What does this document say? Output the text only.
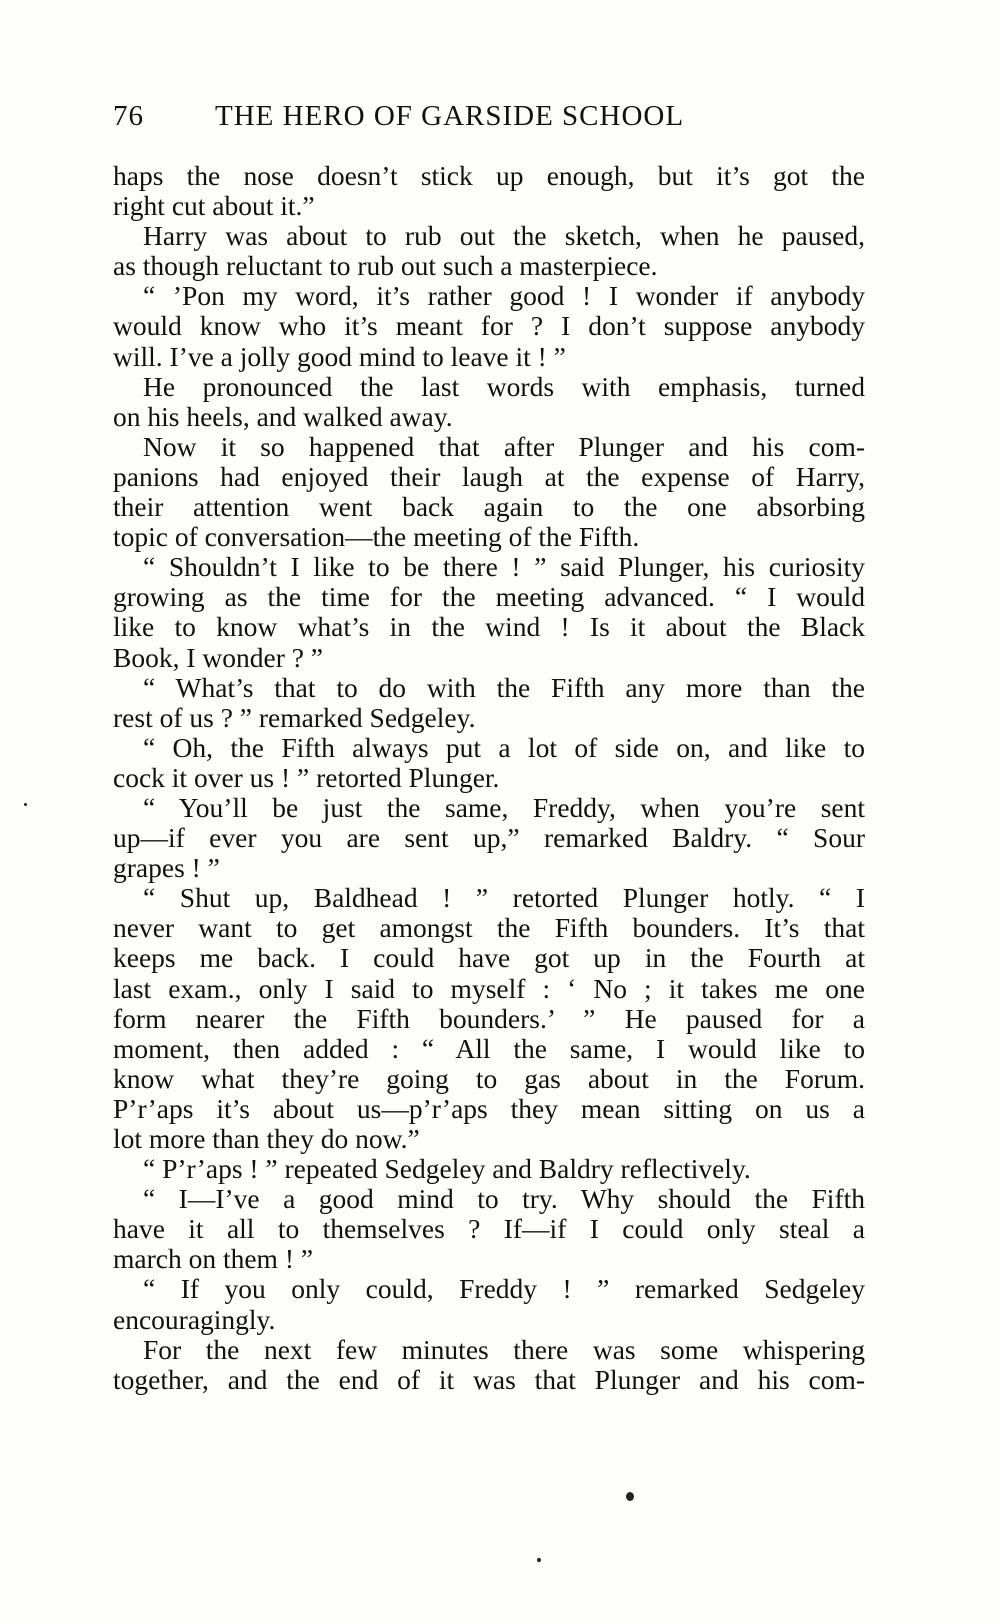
76 THE HERO OF GARSIDE SCHOOL
haps the nose doesn’t stick up enough, but it’s got the
right cut about it.”
Harry was about to rub out the sketch, when he paused,
as though reluctant to rub out such a masterpiece.
“ ’Pon my word, it’s rather good ! I wonder if anybody
would know who it’s meant for ? I don’t suppose anybody
will. I’ve a jolly good mind to leave it ! ”
He pronounced the last words with emphasis, turned
on his heels, and walked away.
Now it so happened that after Plunger and his com-
panions had enjoyed their laugh at the expense of Harry,
their attention went back again to the one absorbing
topic of conversation—the meeting of the Fifth.
“ Shouldn’t I like to be there ! ” said Plunger, his curiosity
growing as the time for the meeting advanced. “ I would
like to know what’s in the wind ! Is it about the Black
Book, I wonder ? ”
“ What’s that to do with the Fifth any more than the
rest of us ? ” remarked Sedgeley.
“ Oh, the Fifth always put a lot of side on, and like to
cock it over us ! ” retorted Plunger.
“ You’ll be just the same, Freddy, when you’re sent
up—if ever you are sent up,” remarked Baldry. “ Sour
grapes ! ”
“ Shut up, Baldhead ! ” retorted Plunger hotly. “ I
never want to get amongst the Fifth bounders. It’s that
keeps me back. I could have got up in the Fourth at
last exam., only I said to myself : ‘ No ; it takes me one
form nearer the Fifth bounders.’ ” He paused for a
moment, then added : “ All the same, I would like to
know what they’re going to gas about in the Forum.
P’r’aps it’s about us—p’r’aps they mean sitting on us a
lot more than they do now.”
“ P’r’aps ! ” repeated Sedgeley and Baldry reflectively.
“ I—I’ve a good mind to try. Why should the Fifth
have it all to themselves ? If—if I could only steal a
march on them ! ”
“ If you only could, Freddy ! ” remarked Sedgeley
encouragingly.
For the next few minutes there was some whispering
together, and the end of it was that Plunger and his com-
